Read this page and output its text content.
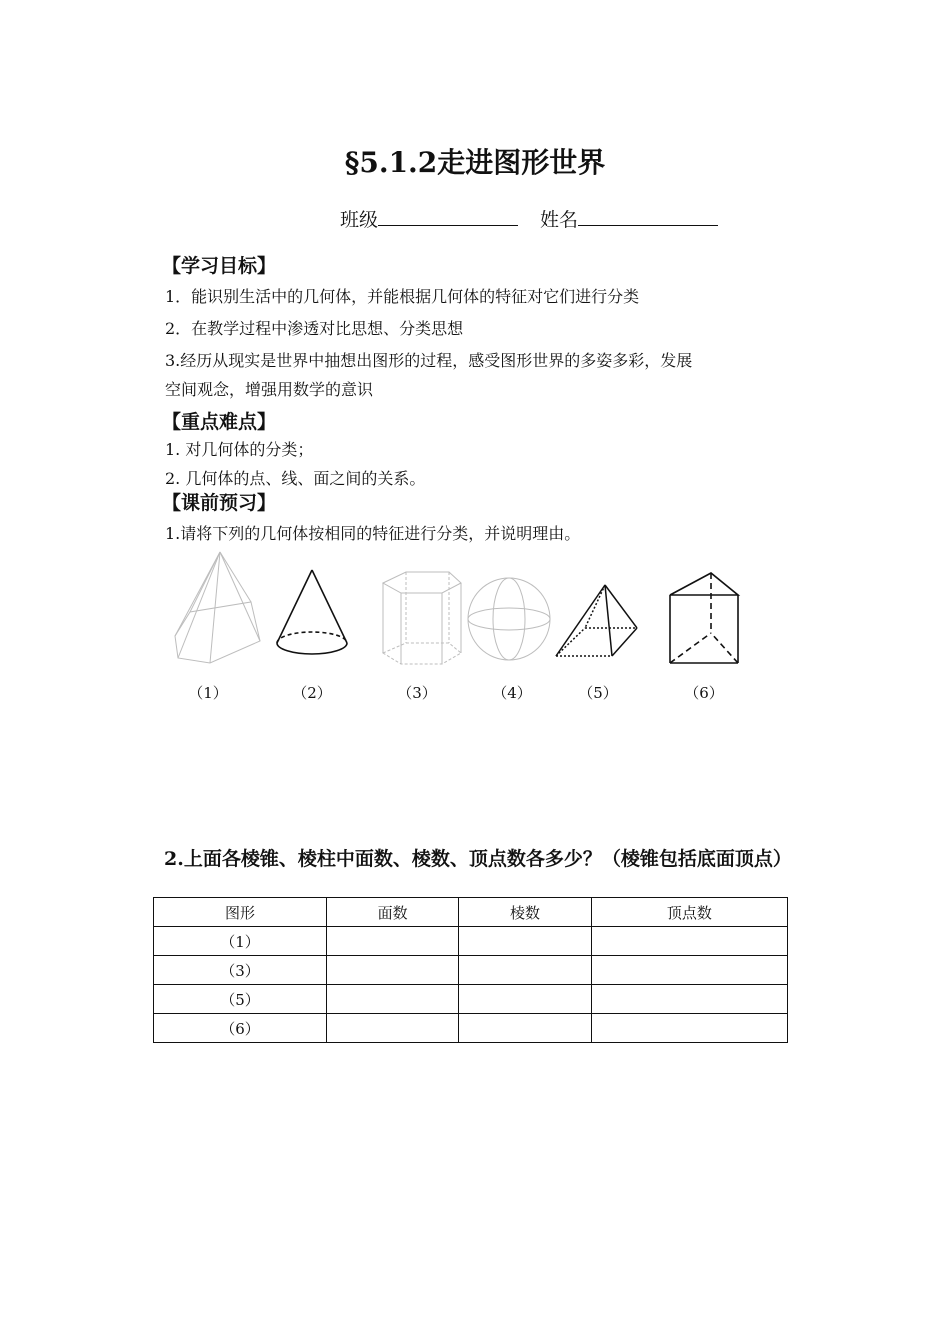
§5.1.2走进图形世界
班级	姓名
【学习目标】
1．能识别生活中的几何体，并能根据几何体的特征对它们进行分类
2．在教学过程中渗透对比思想、分类思想
3.经历从现实是世界中抽想出图形的过程，感受图形世界的多姿多彩，发展
空间观念，增强用数学的意识
【重点难点】
1. 对几何体的分类；
2. 几何体的点、线、面之间的关系。
【课前预习】
1.请将下列的几何体按相同的特征进行分类，并说明理由。
（1）	（2）	（3）	（4）	（5）	（6）
2.上面各棱锥、棱柱中面数、棱数、顶点数各多少？（棱锥包括底面顶点）
图形	面数	棱数	顶点数
（1）			
（3）			
（5）			
（6）			
